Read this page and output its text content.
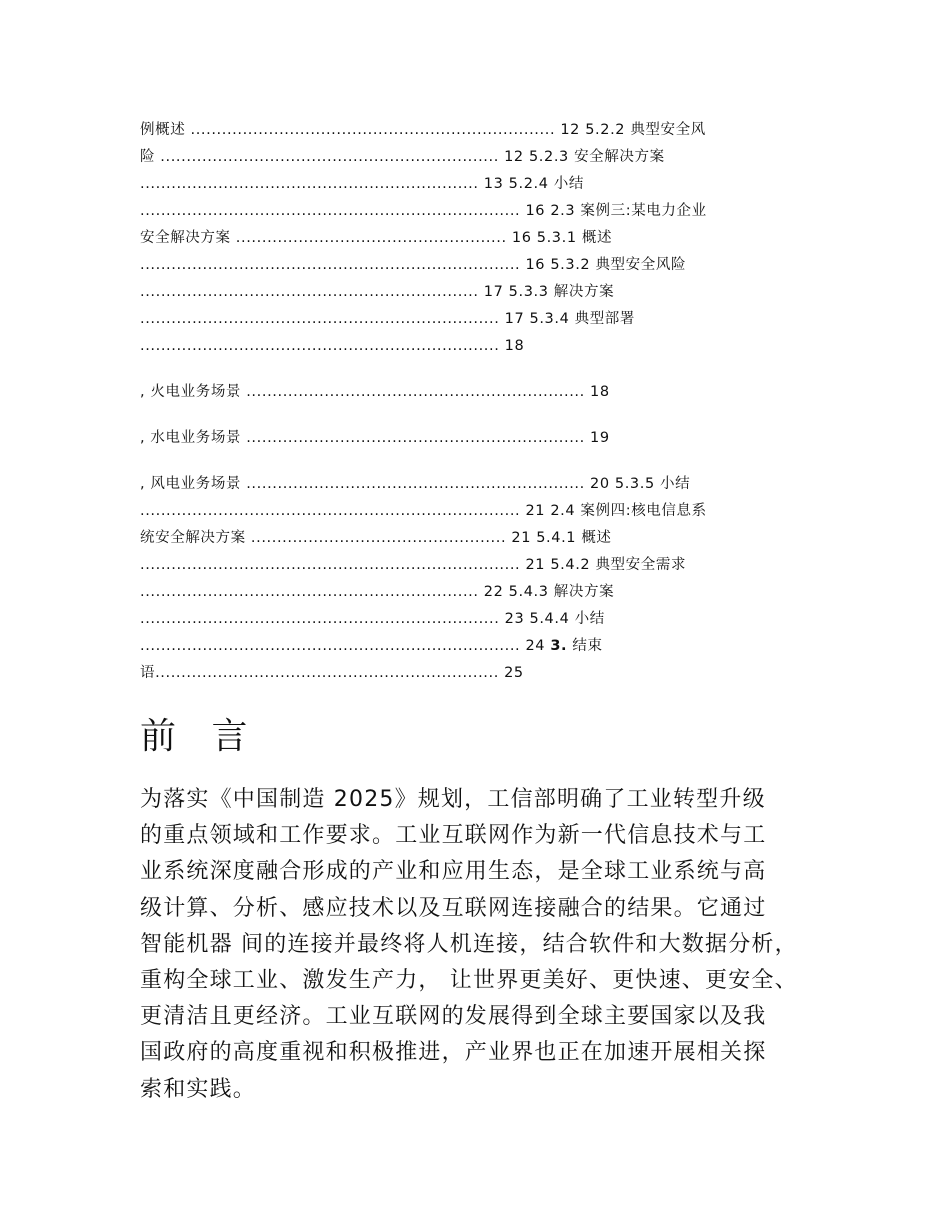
例概述 ...................................................................... 12 5.2.2 典型安全风
险 ................................................................. 12 5.2.3 安全解决方案
................................................................. 13 5.2.4 小结
......................................................................... 16 2.3 案例三:某电力企业
安全解决方案 .................................................... 16 5.3.1 概述
......................................................................... 16 5.3.2 典型安全风险
................................................................. 17 5.3.3 解决方案
..................................................................... 17 5.3.4 典型部署
..................................................................... 18
, 火电业务场景 ................................................................. 18
, 水电业务场景 ................................................................. 19
, 风电业务场景 ................................................................. 20 5.3.5 小结
......................................................................... 21 2.4 案例四:核电信息系
统安全解决方案 ................................................. 21 5.4.1 概述
......................................................................... 21 5.4.2 典型安全需求
................................................................. 22 5.4.3 解决方案
..................................................................... 23 5.4.4 小结
......................................................................... 24 3. 结束
语.................................................................. 25
前 言
为落实《中国制造 2025》规划，工信部明确了工业转型升级
的重点领域和工作要求。工业互联网作为新一代信息技术与工
业系统深度融合形成的产业和应用生态，是全球工业系统与高
级计算、分析、感应技术以及互联网连接融合的结果。它通过
智能机器 间的连接并最终将人机连接，结合软件和大数据分析，
重构全球工业、激发生产力， 让世界更美好、更快速、更安全、
更清洁且更经济。工业互联网的发展得到全球主要国家以及我
国政府的高度重视和积极推进，产业界也正在加速开展相关探
索和实践。
